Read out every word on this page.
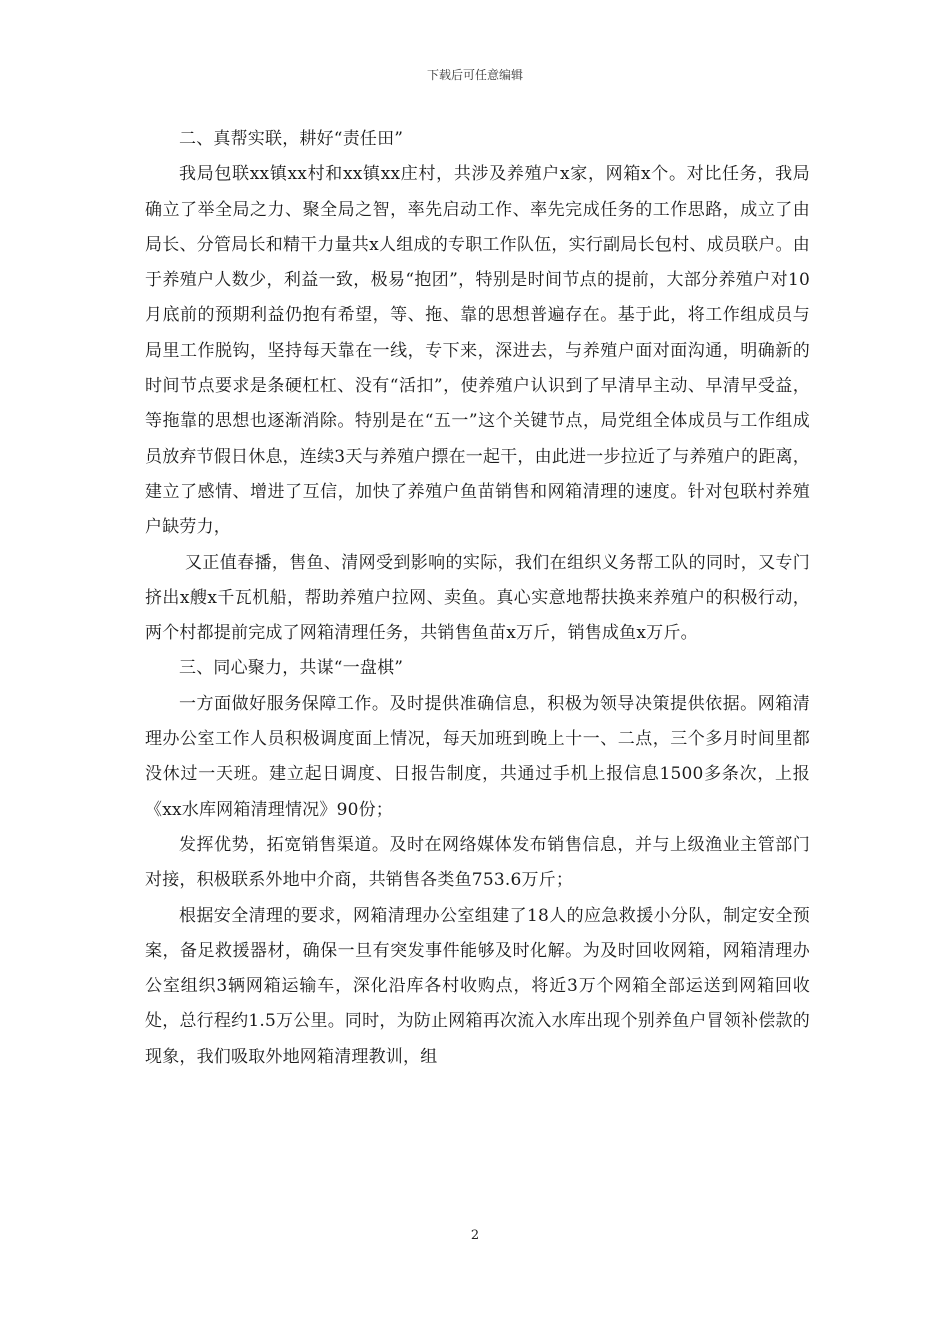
下载后可任意编辑

二、真帮实联，耕好“责任田”

我局包联xx镇xx村和xx镇xx庄村，共涉及养殖户x家，网箱x个。对比任务，我局确立了举全局之力、聚全局之智，率先启动工作、率先完成任务的工作思路，成立了由局长、分管局长和精干力量共x人组成的专职工作队伍，实行副局长包村、成员联户。由于养殖户人数少，利益一致，极易“抱团”，特别是时间节点的提前，大部分养殖户对10月底前的预期利益仍抱有希望，等、拖、靠的思想普遍存在。基于此，将工作组成员与局里工作脱钩，坚持每天靠在一线，专下来，深进去，与养殖户面对面沟通，明确新的时间节点要求是条硬杠杠、没有“活扣”，使养殖户认识到了早清早主动、早清早受益，等拖靠的思想也逐渐消除。特别是在“五一”这个关键节点，局党组全体成员与工作组成员放弃节假日休息，连续3天与养殖户摽在一起干，由此进一步拉近了与养殖户的距离，建立了感情、增进了互信，加快了养殖户鱼苗销售和网箱清理的速度。针对包联村养殖户缺劳力，

又正值春播，售鱼、清网受到影响的实际，我们在组织义务帮工队的同时，又专门挤出x艘x千瓦机船，帮助养殖户拉网、卖鱼。真心实意地帮扶换来养殖户的积极行动，两个村都提前完成了网箱清理任务，共销售鱼苗x万斤，销售成鱼x万斤。

三、同心聚力，共谋“一盘棋”

一方面做好服务保障工作。及时提供准确信息，积极为领导决策提供依据。网箱清理办公室工作人员积极调度面上情况，每天加班到晚上十一、二点，三个多月时间里都没休过一天班。建立起日调度、日报告制度，共通过手机上报信息1500多条次，上报《xx水库网箱清理情况》90份；

发挥优势，拓宽销售渠道。及时在网络媒体发布销售信息，并与上级渔业主管部门对接，积极联系外地中介商，共销售各类鱼753.6万斤；

根据安全清理的要求，网箱清理办公室组建了18人的应急救援小分队，制定安全预案，备足救援器材，确保一旦有突发事件能够及时化解。为及时回收网箱，网箱清理办公室组织3辆网箱运输车，深化沿库各村收购点，将近3万个网箱全部运送到网箱回收处，总行程约1.5万公里。同时，为防止网箱再次流入水库出现个别养鱼户冒领补偿款的现象，我们吸取外地网箱清理教训，组

2
